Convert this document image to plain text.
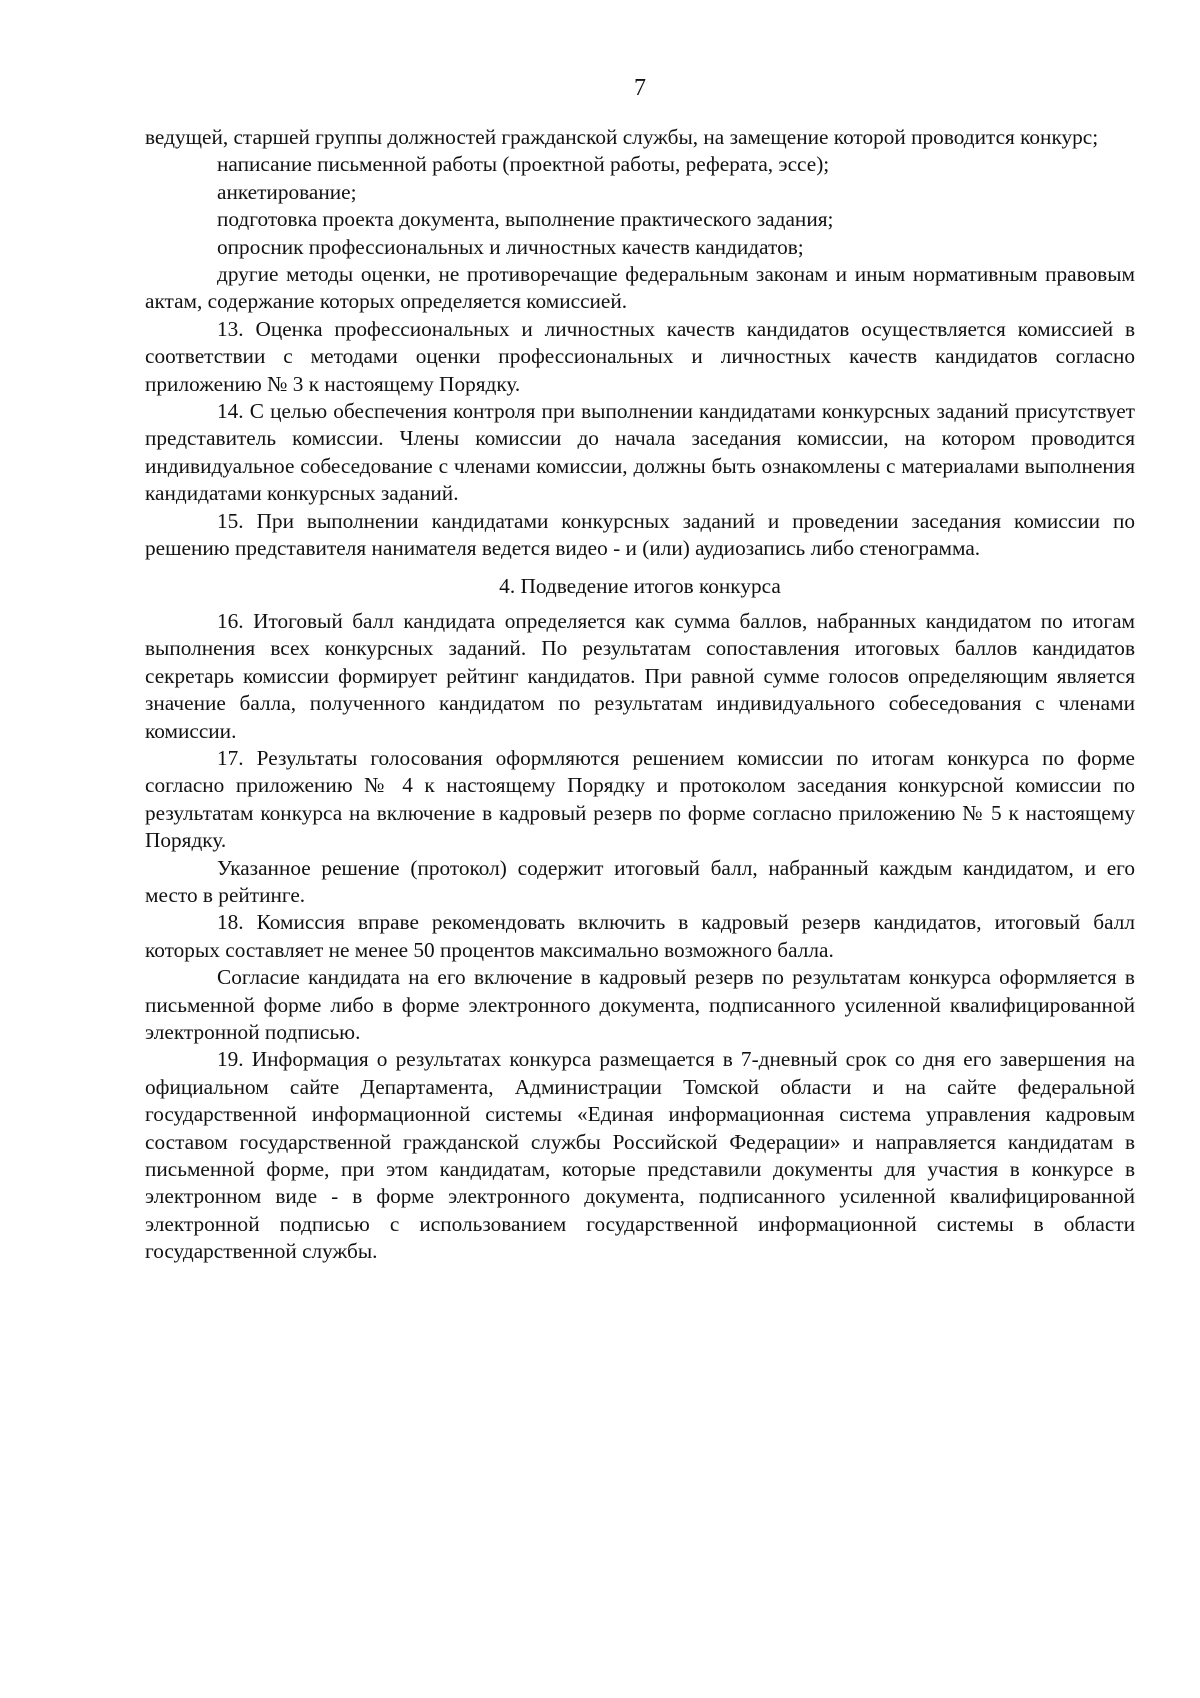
7

ведущей, старшей группы должностей гражданской службы, на замещение которой проводится конкурс;

написание письменной работы (проектной работы, реферата, эссе);

анкетирование;

подготовка проекта документа, выполнение практического задания;

опросник профессиональных и личностных качеств кандидатов;

другие методы оценки, не противоречащие федеральным законам и иным нормативным правовым актам, содержание которых определяется комиссией.

13. Оценка профессиональных и личностных качеств кандидатов осуществляется комиссией в соответствии с методами оценки профессиональных и личностных качеств кандидатов согласно приложению № 3 к настоящему Порядку.

14. С целью обеспечения контроля при выполнении кандидатами конкурсных заданий присутствует представитель комиссии. Члены комиссии до начала заседания комиссии, на котором проводится индивидуальное собеседование с членами комиссии, должны быть ознакомлены с материалами выполнения кандидатами конкурсных заданий.

15. При выполнении кандидатами конкурсных заданий и проведении заседания комиссии по решению представителя нанимателя ведется видео - и (или) аудиозапись либо стенограмма.

4. Подведение итогов конкурса

16. Итоговый балл кандидата определяется как сумма баллов, набранных кандидатом по итогам выполнения всех конкурсных заданий. По результатам сопоставления итоговых баллов кандидатов секретарь комиссии формирует рейтинг кандидатов. При равной сумме голосов определяющим является значение балла, полученного кандидатом по результатам индивидуального собеседования с членами комиссии.

17. Результаты голосования оформляются решением комиссии по итогам конкурса по форме согласно приложению № 4 к настоящему Порядку и протоколом заседания конкурсной комиссии по результатам конкурса на включение в кадровый резерв по форме согласно приложению № 5 к настоящему Порядку.

Указанное решение (протокол) содержит итоговый балл, набранный каждым кандидатом, и его место в рейтинге.

18. Комиссия вправе рекомендовать включить в кадровый резерв кандидатов, итоговый балл которых составляет не менее 50 процентов максимально возможного балла.

Согласие кандидата на его включение в кадровый резерв по результатам конкурса оформляется в письменной форме либо в форме электронного документа, подписанного усиленной квалифицированной электронной подписью.

19. Информация о результатах конкурса размещается в 7-дневный срок со дня его завершения на официальном сайте Департамента, Администрации Томской области и на сайте федеральной государственной информационной системы «Единая информационная система управления кадровым составом государственной гражданской службы Российской Федерации» и направляется кандидатам в письменной форме, при этом кандидатам, которые представили документы для участия в конкурсе в электронном виде - в форме электронного документа, подписанного усиленной квалифицированной электронной подписью с использованием государственной информационной системы в области государственной службы.
